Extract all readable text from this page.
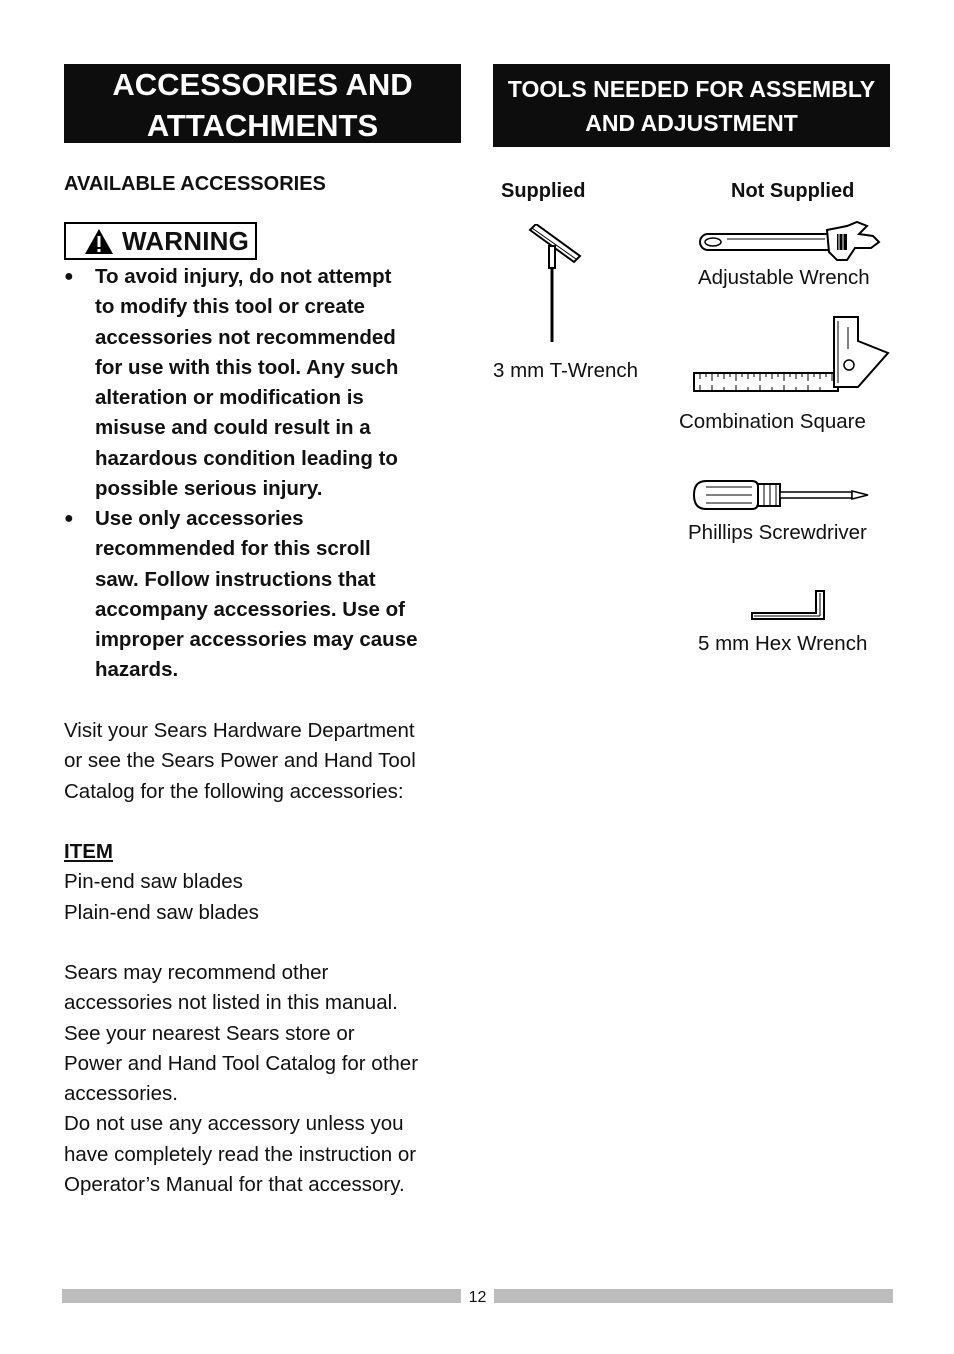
ACCESSORIES AND
ATTACHMENTS
AVAILABLE ACCESSORIES
WARNING
●	To avoid injury, do not attempt
to modify this tool or create
accessories not recommended
for use with this tool. Any such
alteration or modification is
misuse and could result in a
hazardous condition leading to
possible serious injury.
●	Use only accessories
recommended for this scroll
saw. Follow instructions that
accompany accessories. Use of
improper accessories may cause
hazards.
Visit your Sears Hardware Department
or see the Sears Power and Hand Tool
Catalog for the following accessories:
ITEM
Pin-end saw blades
Plain-end saw blades
Sears may recommend other
accessories not listed in this manual.
See your nearest Sears store or
Power and Hand Tool Catalog for other
accessories.
Do not use any accessory unless you
have completely read the instruction or
Operator’s Manual for that accessory.
TOOLS NEEDED FOR ASSEMBLY
AND ADJUSTMENT
Supplied	Not Supplied
3 mm T-Wrench
Adjustable Wrench
Combination Square
Phillips Screwdriver
5 mm Hex Wrench
12
